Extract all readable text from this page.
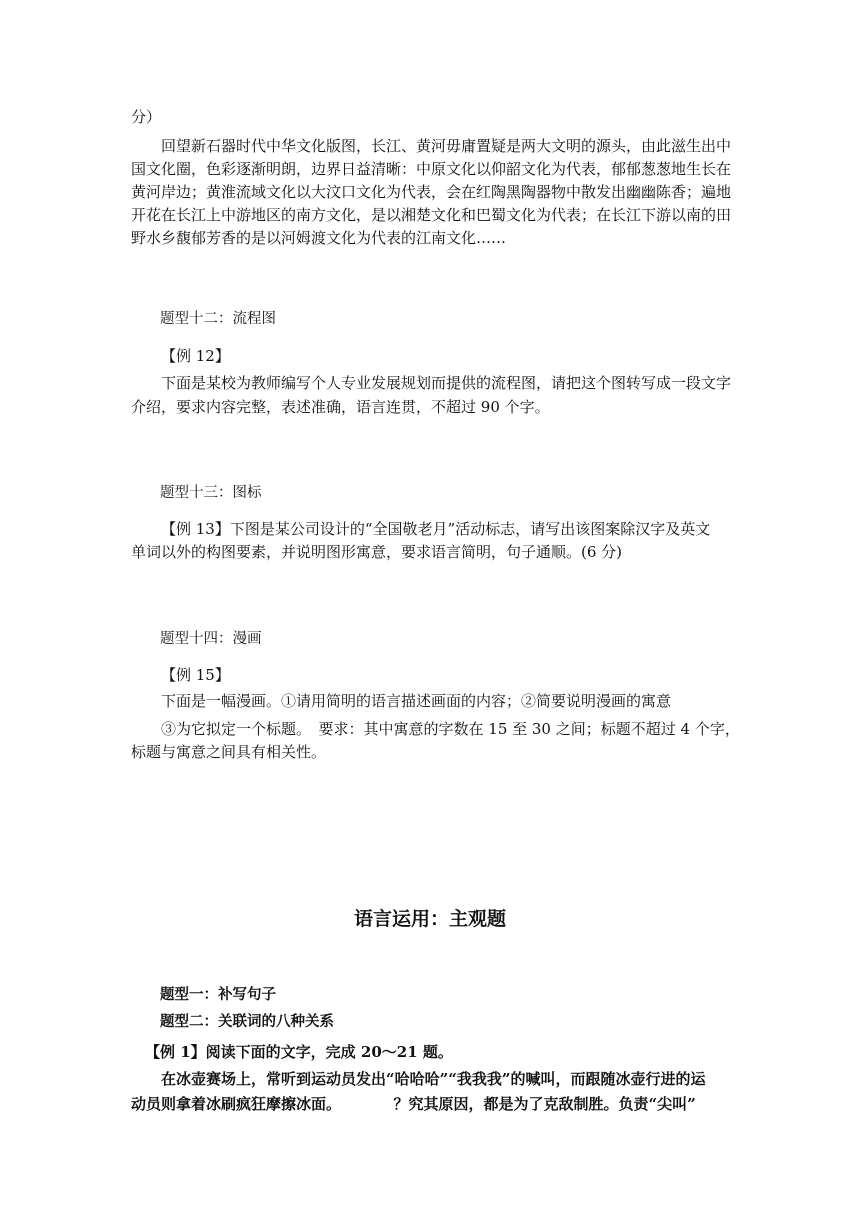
分）
回望新石器时代中华文化版图，长江、黄河毋庸置疑是两大文明的源头，由此滋生出中
国文化圈，色彩逐渐明朗，边界日益清晰：中原文化以仰韶文化为代表，郁郁葱葱地生长在
黄河岸边；黄淮流域文化以大汶口文化为代表，会在红陶黑陶器物中散发出幽幽陈香；遍地
开花在长江上中游地区的南方文化，是以湘楚文化和巴蜀文化为代表；在长江下游以南的田
野水乡馥郁芳香的是以河姆渡文化为代表的江南文化……
题型十二：流程图
【例 12】
下面是某校为教师编写个人专业发展规划而提供的流程图，请把这个图转写成一段文字
介绍，要求内容完整，表述准确，语言连贯，不超过 90 个字。
题型十三：图标
【例 13】下图是某公司设计的“全国敬老月”活动标志，请写出该图案除汉字及英文
单词以外的构图要素，并说明图形寓意，要求语言简明，句子通顺。(6 分)
题型十四：漫画
【例 15】
下面是一幅漫画。①请用简明的语言描述画面的内容；②简要说明漫画的寓意
③为它拟定一个标题。　要求：其中寓意的字数在 15 至 30 之间；标题不超过 4 个字，
标题与寓意之间具有相关性。
语言运用：主观题
题型一：补写句子
题型二：关联词的八种关系
【例 1】阅读下面的文字，完成 20～21 题。
在冰壶赛场上，常听到运动员发出“哈哈哈”“我我我”的喊叫，而跟随冰壶行进的运
动员则拿着冰刷疯狂摩擦冰面。　　　　？究其原因，都是为了克敌制胜。负责“尖叫”
